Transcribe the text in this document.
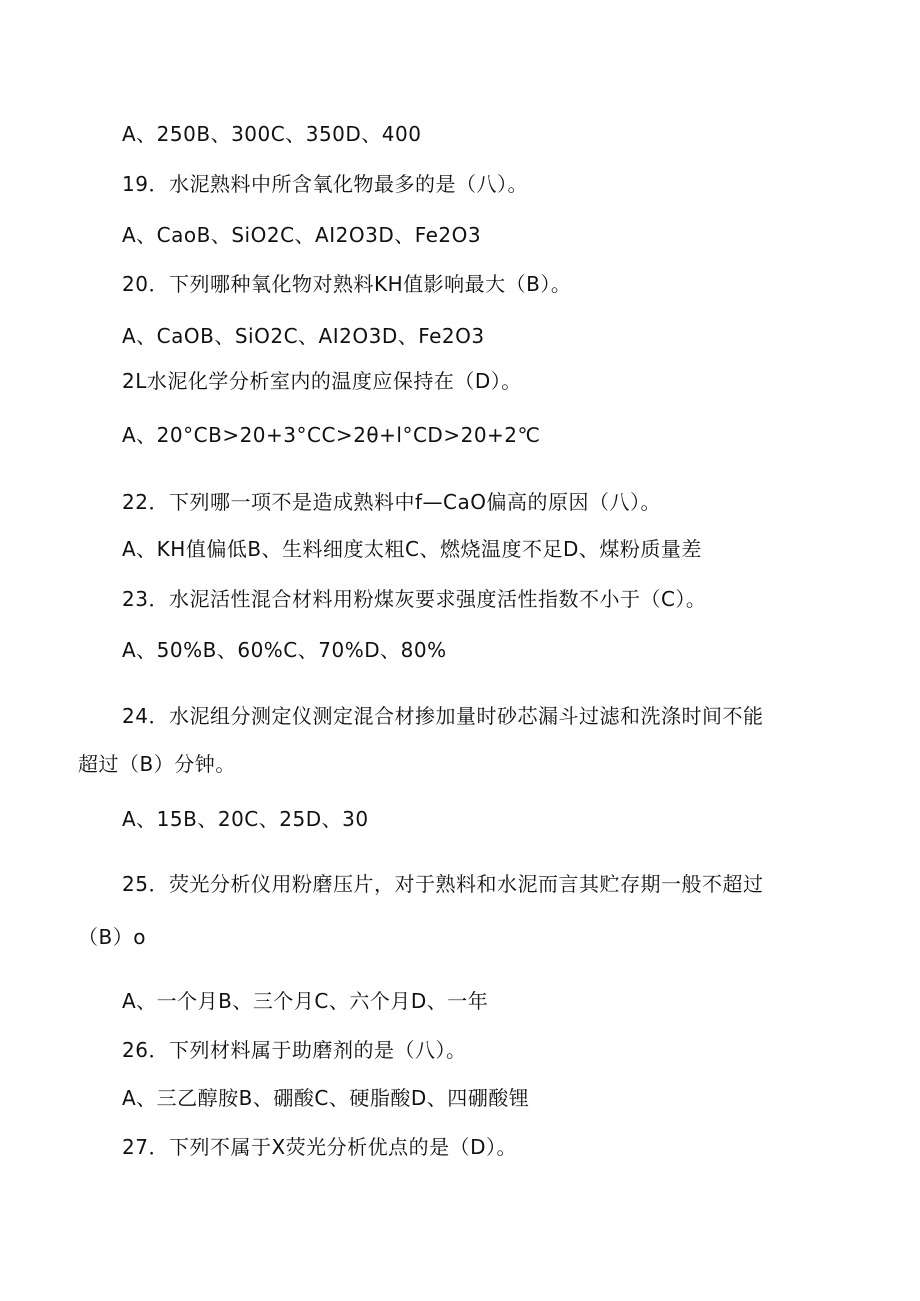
A、250B、300C、350D、400
19．水泥熟料中所含氧化物最多的是（八）。
A、CaoB、SiO2C、AI2O3D、Fe2O3
20．下列哪种氧化物对熟料KH值影响最大（B）。
A、CaOB、SiO2C、AI2O3D、Fe2O3
2L水泥化学分析室内的温度应保持在（D）。
A、20°CB>20+3°CC>2θ+l°CD>20+2℃
22．下列哪一项不是造成熟料中f—CaO偏高的原因（八）。
A、KH值偏低B、生料细度太粗C、燃烧温度不足D、煤粉质量差
23．水泥活性混合材料用粉煤灰要求强度活性指数不小于（C）。
A、50%B、60%C、70%D、80%
24．水泥组分测定仪测定混合材掺加量时砂芯漏斗过滤和洗涤时间不能
超过（B）分钟。
A、15B、20C、25D、30
25．荧光分析仪用粉磨压片，对于熟料和水泥而言其贮存期一般不超过
（B）o
A、一个月B、三个月C、六个月D、一年
26．下列材料属于助磨剂的是（八）。
A、三乙醇胺B、硼酸C、硬脂酸D、四硼酸锂
27．下列不属于X荧光分析优点的是（D）。
